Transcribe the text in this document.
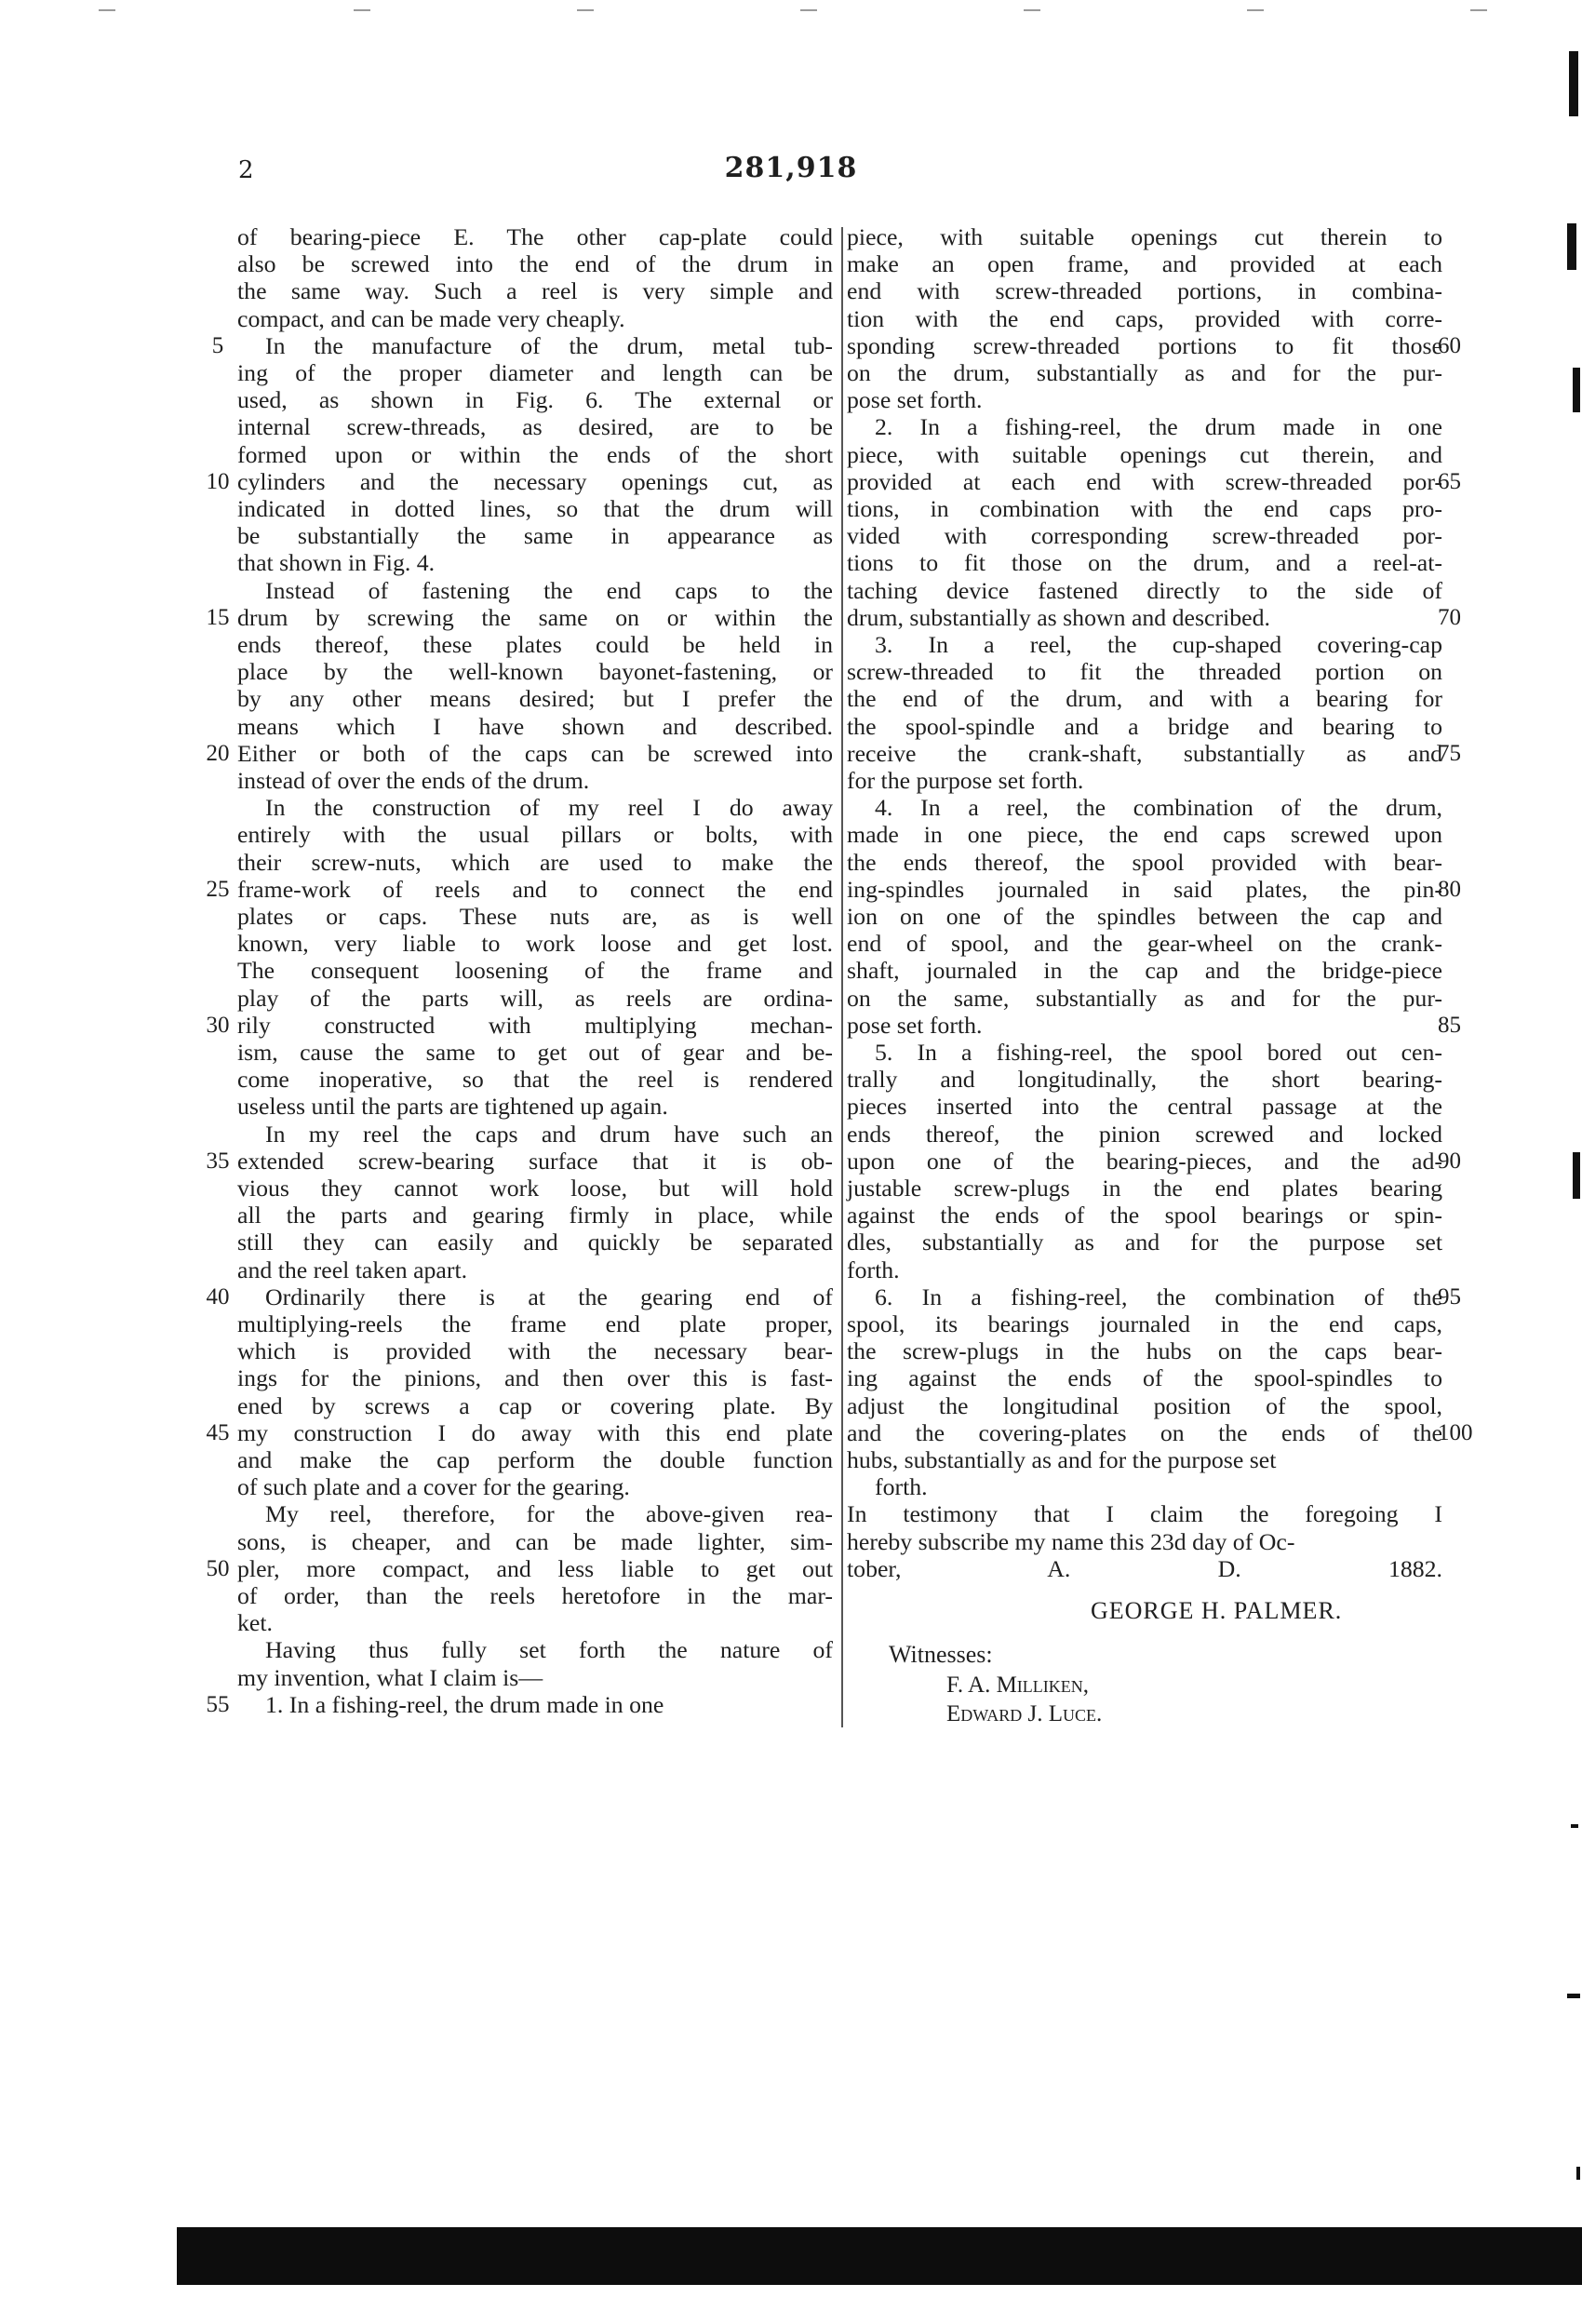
2	281,918
of bearing-piece E. The other cap-plate could
also be screwed into the end of the drum in
the same way. Such a reel is very simple and
compact, and can be made very cheaply.
In the manufacture of the drum, metal tub-
ing of the proper diameter and length can be
used, as shown in Fig. 6. The external or
internal screw-threads, as desired, are to be
formed upon or within the ends of the short
cylinders and the necessary openings cut, as
indicated in dotted lines, so that the drum will
be substantially the same in appearance as
that shown in Fig. 4.
Instead of fastening the end caps to the
drum by screwing the same on or within the
ends thereof, these plates could be held in
place by the well-known bayonet-fastening, or
by any other means desired; but I prefer the
means which I have shown and described.
Either or both of the caps can be screwed into
instead of over the ends of the drum.
In the construction of my reel I do away
entirely with the usual pillars or bolts, with
their screw-nuts, which are used to make the
frame-work of reels and to connect the end
plates or caps. These nuts are, as is well
known, very liable to work loose and get lost.
The consequent loosening of the frame and
play of the parts will, as reels are ordina-
rily constructed with multiplying mechan-
ism, cause the same to get out of gear and be-
come inoperative, so that the reel is rendered
useless until the parts are tightened up again.
In my reel the caps and drum have such an
extended screw-bearing surface that it is ob-
vious they cannot work loose, but will hold
all the parts and gearing firmly in place, while
still they can easily and quickly be separated
and the reel taken apart.
Ordinarily there is at the gearing end of
multiplying-reels the frame end plate proper,
which is provided with the necessary bear-
ings for the pinions, and then over this is fast-
ened by screws a cap or covering plate. By
my construction I do away with this end plate
and make the cap perform the double function
of such plate and a cover for the gearing.
My reel, therefore, for the above-given rea-
sons, is cheaper, and can be made lighter, sim-
pler, more compact, and less liable to get out
of order, than the reels heretofore in the mar-
ket.
Having thus fully set forth the nature of
my invention, what I claim is—
1. In a fishing-reel, the drum made in one
piece, with suitable openings cut therein to
make an open frame, and provided at each
end with screw-threaded portions, in combina-
tion with the end caps, provided with corre-
sponding screw-threaded portions to fit those
on the drum, substantially as and for the pur-
pose set forth.
2. In a fishing-reel, the drum made in one
piece, with suitable openings cut therein, and
provided at each end with screw-threaded por-
tions, in combination with the end caps pro-
vided with corresponding screw-threaded por-
tions to fit those on the drum, and a reel-at-
taching device fastened directly to the side of
drum, substantially as shown and described.
3. In a reel, the cup-shaped covering-cap
screw-threaded to fit the threaded portion on
the end of the drum, and with a bearing for
the spool-spindle and a bridge and bearing to
receive the crank-shaft, substantially as and
for the purpose set forth.
4. In a reel, the combination of the drum,
made in one piece, the end caps screwed upon
the ends thereof, the spool provided with bear-
ing-spindles journaled in said plates, the pin-
ion on one of the spindles between the cap and
end of spool, and the gear-wheel on the crank-
shaft, journaled in the cap and the bridge-piece
on the same, substantially as and for the pur-
pose set forth.
5. In a fishing-reel, the spool bored out cen-
trally and longitudinally, the short bearing-
pieces inserted into the central passage at the
ends thereof, the pinion screwed and locked
upon one of the bearing-pieces, and the ad-
justable screw-plugs in the end plates bearing
against the ends of the spool bearings or spin-
dles, substantially as and for the purpose set
forth.
6. In a fishing-reel, the combination of the
spool, its bearings journaled in the end caps,
the screw-plugs in the hubs on the caps bear-
ing against the ends of the spool-spindles to
adjust the longitudinal position of the spool,
and the covering-plates on the ends of the
hubs, substantially as and for the purpose set
forth.
In testimony that I claim the foregoing I
hereby subscribe my name this 23d day of Oc-
tober, A. D. 1882.
5
10
15
20
25
30
35
40
45
50
55
60
65
70
75
80
85
90
95
100
GEORGE H. PALMER.
Witnesses:
F. A. Milliken,
Edward J. Luce.
